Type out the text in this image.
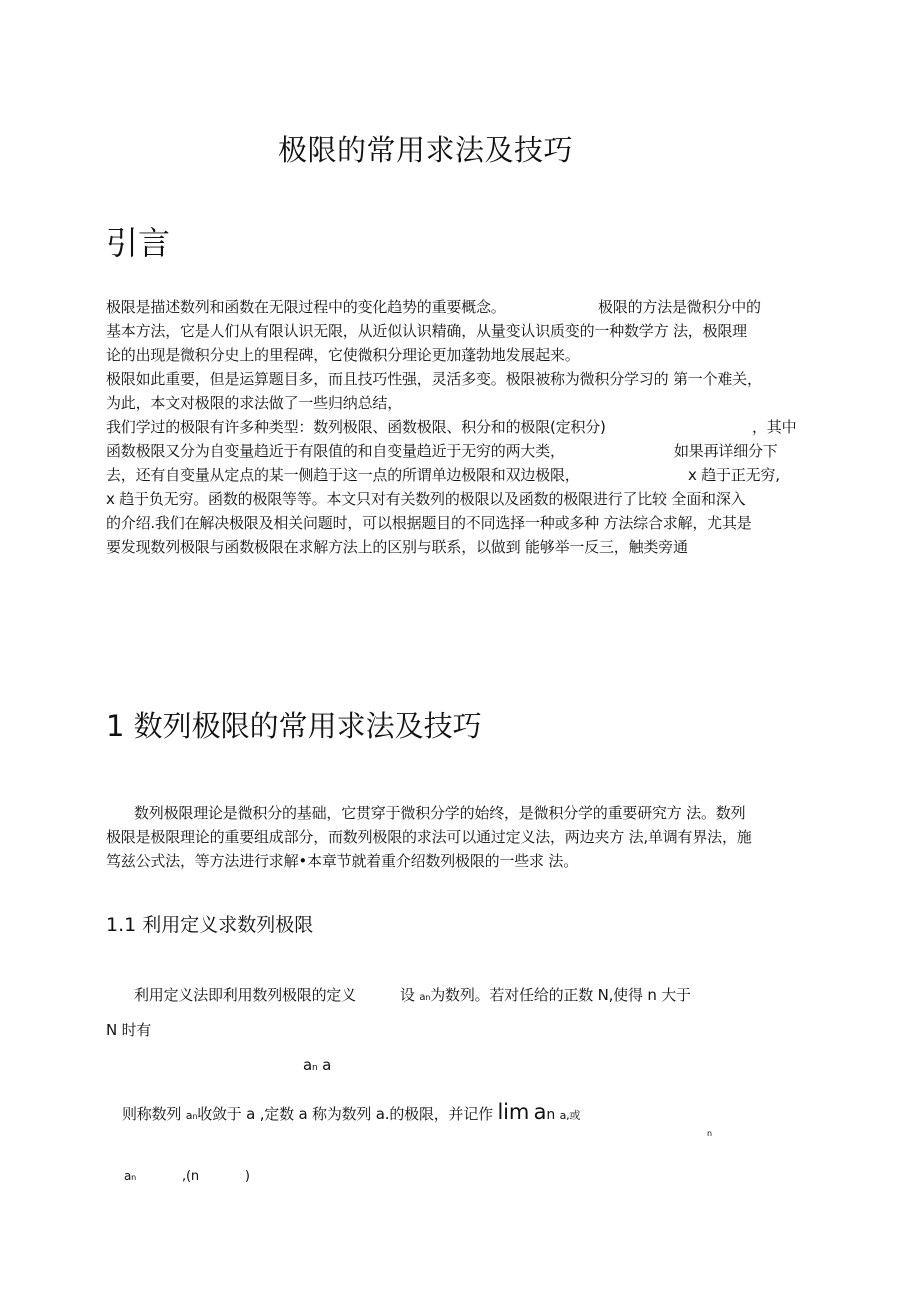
极限的常用求法及技巧
引言
极限是描述数列和函数在无限过程中的变化趋势的重要概念。	极限的方法是微积分中的
基本方法，它是人们从有限认识无限，从近似认识精确，从量变认识质变的一种数学方 法，极限理
论的出现是微积分史上的里程碑，它使微积分理论更加蓬勃地发展起来。
极限如此重要，但是运算题目多，而且技巧性强，灵活多变。极限被称为微积分学习的 第一个难关，
为此，本文对极限的求法做了一些归纳总结，
我们学过的极限有许多种类型：数列极限、函数极限、积分和的极限(定积分)	，其中
函数极限又分为自变量趋近于有限值的和自变量趋近于无穷的两大类，	如果再详细分下
去，还有自变量从定点的某一侧趋于这一点的所谓单边极限和双边极限，	x 趋于正无穷,
x 趋于负无穷。函数的极限等等。本文只对有关数列的极限以及函数的极限进行了比较 全面和深入
的介绍.我们在解决极限及相关问题时，可以根据题目的不同选择一种或多种 方法综合求解，尤其是
要发现数列极限与函数极限在求解方法上的区别与联系，以做到 能够举一反三，触类旁通
1 数列极限的常用求法及技巧
数列极限理论是微积分的基础，它贯穿于微积分学的始终，是微积分学的重要研究方 法。数列
极限是极限理论的重要组成部分，而数列极限的求法可以通过定义法，两边夹方 法,单调有界法，施
笃兹公式法，等方法进行求解•本章节就着重介绍数列极限的一些求 法。
1.1 利用定义求数列极限
利用定义法即利用数列极限的定义	设 an为数列。若对任给的正数 N,使得 n 大于
N 时有
an a
则称数列 an收敛于 a ,定数 a 称为数列 a.的极限，并记作 lim an a,或
n
an	,(n	)
